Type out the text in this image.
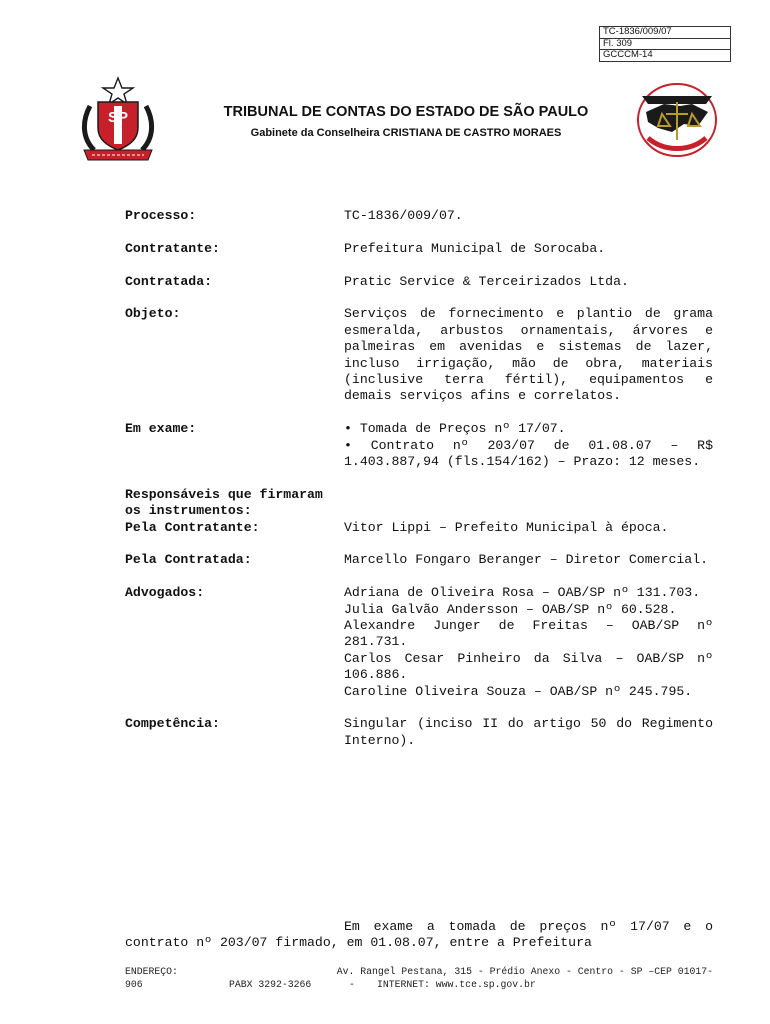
TC-1836/009/07
Fl. 309
GCCCM-14
SP	TRIBUNAL DE CONTAS DO ESTADO DE SÃO PAULO
Gabinete da Conselheira CRISTIANA DE CASTRO MORAES
Processo:	TC-1836/009/07.
Contratante:	Prefeitura Municipal de Sorocaba.
Contratada:	Pratic Service & Terceirizados Ltda.
Objeto:	Serviços de fornecimento e plantio de grama esmeralda, arbustos ornamentais, árvores e palmeiras em avenidas e sistemas de lazer, incluso irrigação, mão de obra, materiais (inclusive terra fértil), equipamentos e demais serviços afins e correlatos.
Em exame:	• Tomada de Preços nº 17/07.

• Contrato nº 203/07 de 01.08.07 – R$ 1.403.887,94 (fls.154/162) – Prazo: 12 meses.

Responsáveis que firmaram
os instrumentos:
Pela Contratante:	Vitor Lippi – Prefeito Municipal à época.
Pela Contratada:	Marcello Fongaro Beranger – Diretor Comercial.
Advogados:	Adriana de Oliveira Rosa – OAB/SP nº 131.703.

Julia Galvão Andersson – OAB/SP nº 60.528.

Alexandre Junger de Freitas – OAB/SP nº 281.731.

Carlos Cesar Pinheiro da Silva – OAB/SP nº 106.886.

Caroline Oliveira Souza – OAB/SP nº 245.795.

Competência:	Singular (inciso II do artigo 50 do Regimento Interno).

Em exame a tomada de preços nº 17/07 e o contrato nº 203/07 firmado, em 01.08.07, entre a Prefeitura

ENDEREÇO:	Av. Rangel Pestana, 315 - Prédio Anexo - Centro - SP –CEP 01017-
906	PABX 3292-3266	-	INTERNET: www.tce.sp.gov.br
